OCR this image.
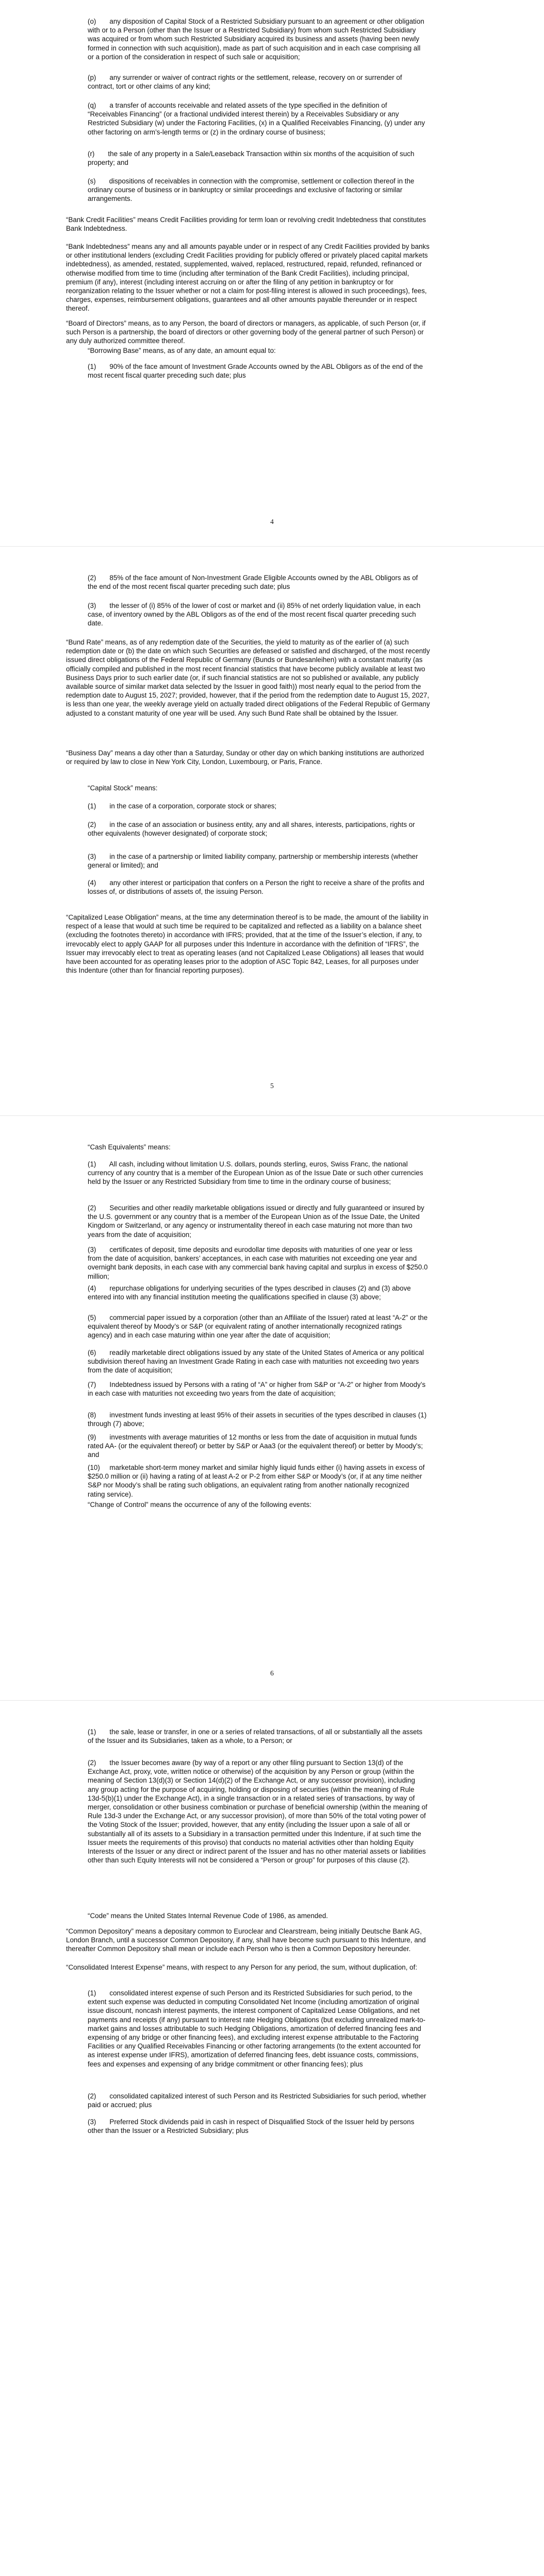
(o)       any disposition of Capital Stock of a Restricted Subsidiary pursuant to an agreement or other obligation with or to a Person (other than the Issuer or a Restricted Subsidiary) from whom such Restricted Subsidiary was acquired or from whom such Restricted Subsidiary acquired its business and assets (having been newly formed in connection with such acquisition), made as part of such acquisition and in each case comprising all or a portion of the consideration in respect of such sale or acquisition;

(p)       any surrender or waiver of contract rights or the settlement, release, recovery on or surrender of contract, tort or other claims of any kind;

(q)       a transfer of accounts receivable and related assets of the type specified in the definition of “Receivables Financing” (or a fractional undivided interest therein) by a Receivables Subsidiary or any Restricted Subsidiary (w) under the Factoring Facilities, (x) in a Qualified Receivables Financing, (y) under any other factoring on arm’s-length terms or (z) in the ordinary course of business;

(r)       the sale of any property in a Sale/Leaseback Transaction within six months of the acquisition of such property; and

(s)       dispositions of receivables in connection with the compromise, settlement or collection thereof in the ordinary course of business or in bankruptcy or similar proceedings and exclusive of factoring or similar arrangements.

“Bank Credit Facilities” means Credit Facilities providing for term loan or revolving credit Indebtedness that constitutes Bank Indebtedness.

“Bank Indebtedness” means any and all amounts payable under or in respect of any Credit Facilities provided by banks or other institutional lenders (excluding Credit Facilities providing for publicly offered or privately placed capital markets indebtedness), as amended, restated, supplemented, waived, replaced, restructured, repaid, refunded, refinanced or otherwise modified from time to time (including after termination of the Bank Credit Facilities), including principal, premium (if any), interest (including interest accruing on or after the filing of any petition in bankruptcy or for reorganization relating to the Issuer whether or not a claim for post-filing interest is allowed in such proceedings), fees, charges, expenses, reimbursement obligations, guarantees and all other amounts payable thereunder or in respect thereof.

“Board of Directors” means, as to any Person, the board of directors or managers, as applicable, of such Person (or, if such Person is a partnership, the board of directors or other governing body of the general partner of such Person) or any duly authorized committee thereof.

“Borrowing Base” means, as of any date, an amount equal to:

(1)       90% of the face amount of Investment Grade Accounts owned by the ABL Obligors as of the end of the most recent fiscal quarter preceding such date; plus

4

(2)       85% of the face amount of Non-Investment Grade Eligible Accounts owned by the ABL Obligors as of the end of the most recent fiscal quarter preceding such date; plus

(3)       the lesser of (i) 85% of the lower of cost or market and (ii) 85% of net orderly liquidation value, in each case, of inventory owned by the ABL Obligors as of the end of the most recent fiscal quarter preceding such date.

“Bund Rate” means, as of any redemption date of the Securities, the yield to maturity as of the earlier of (a) such redemption date or (b) the date on which such Securities are defeased or satisfied and discharged, of the most recently issued direct obligations of the Federal Republic of Germany (Bunds or Bundesanleihen) with a constant maturity (as officially compiled and published in the most recent financial statistics that have become publicly available at least two Business Days prior to such earlier date (or, if such financial statistics are not so published or available, any publicly available source of similar market data selected by the Issuer in good faith)) most nearly equal to the period from the redemption date to August 15, 2027; provided, however, that if the period from the redemption date to August 15, 2027, is less than one year, the weekly average yield on actually traded direct obligations of the Federal Republic of Germany adjusted to a constant maturity of one year will be used. Any such Bund Rate shall be obtained by the Issuer.

“Business Day” means a day other than a Saturday, Sunday or other day on which banking institutions are authorized or required by law to close in New York City, London, Luxembourg, or Paris, France.

“Capital Stock” means:

(1)       in the case of a corporation, corporate stock or shares;

(2)       in the case of an association or business entity, any and all shares, interests, participations, rights or other equivalents (however designated) of corporate stock;

(3)       in the case of a partnership or limited liability company, partnership or membership interests (whether general or limited); and

(4)       any other interest or participation that confers on a Person the right to receive a share of the profits and losses of, or distributions of assets of, the issuing Person.

“Capitalized Lease Obligation” means, at the time any determination thereof is to be made, the amount of the liability in respect of a lease that would at such time be required to be capitalized and reflected as a liability on a balance sheet (excluding the footnotes thereto) in accordance with IFRS; provided, that at the time of the Issuer’s election, if any, to irrevocably elect to apply GAAP for all purposes under this Indenture in accordance with the definition of “IFRS”, the Issuer may irrevocably elect to treat as operating leases (and not Capitalized Lease Obligations) all leases that would have been accounted for as operating leases prior to the adoption of ASC Topic 842, Leases, for all purposes under this Indenture (other than for financial reporting purposes).

5

“Cash Equivalents” means:

(1)       All cash, including without limitation U.S. dollars, pounds sterling, euros, Swiss Franc, the national currency of any country that is a member of the European Union as of the Issue Date or such other currencies held by the Issuer or any Restricted Subsidiary from time to time in the ordinary course of business;

(2)       Securities and other readily marketable obligations issued or directly and fully guaranteed or insured by the U.S. government or any country that is a member of the European Union as of the Issue Date, the United Kingdom or Switzerland, or any agency or instrumentality thereof in each case maturing not more than two years from the date of acquisition;

(3)       certificates of deposit, time deposits and eurodollar time deposits with maturities of one year or less from the date of acquisition, bankers’ acceptances, in each case with maturities not exceeding one year and overnight bank deposits, in each case with any commercial bank having capital and surplus in excess of $250.0 million;

(4)       repurchase obligations for underlying securities of the types described in clauses (2) and (3) above entered into with any financial institution meeting the qualifications specified in clause (3) above;

(5)       commercial paper issued by a corporation (other than an Affiliate of the Issuer) rated at least “A-2” or the equivalent thereof by Moody’s or S&P (or equivalent rating of another internationally recognized ratings agency) and in each case maturing within one year after the date of acquisition;

(6)       readily marketable direct obligations issued by any state of the United States of America or any political subdivision thereof having an Investment Grade Rating in each case with maturities not exceeding two years from the date of acquisition;

(7)       Indebtedness issued by Persons with a rating of “A” or higher from S&P or “A-2” or higher from Moody’s in each case with maturities not exceeding two years from the date of acquisition;

(8)       investment funds investing at least 95% of their assets in securities of the types described in clauses (1) through (7) above;

(9)       investments with average maturities of 12 months or less from the date of acquisition in mutual funds rated AA- (or the equivalent thereof) or better by S&P or Aaa3 (or the equivalent thereof) or better by Moody’s; and

(10)     marketable short-term money market and similar highly liquid funds either (i) having assets in excess of $250.0 million or (ii) having a rating of at least A-2 or P-2 from either S&P or Moody’s (or, if at any time neither S&P nor Moody’s shall be rating such obligations, an equivalent rating from another nationally recognized rating service).

“Change of Control” means the occurrence of any of the following events:

6

(1)       the sale, lease or transfer, in one or a series of related transactions, of all or substantially all the assets of the Issuer and its Subsidiaries, taken as a whole, to a Person; or

(2)       the Issuer becomes aware (by way of a report or any other filing pursuant to Section 13(d) of the Exchange Act, proxy, vote, written notice or otherwise) of the acquisition by any Person or group (within the meaning of Section 13(d)(3) or Section 14(d)(2) of the Exchange Act, or any successor provision), including any group acting for the purpose of acquiring, holding or disposing of securities (within the meaning of Rule 13d-5(b)(1) under the Exchange Act), in a single transaction or in a related series of transactions, by way of merger, consolidation or other business combination or purchase of beneficial ownership (within the meaning of Rule 13d-3 under the Exchange Act, or any successor provision), of more than 50% of the total voting power of the Voting Stock of the Issuer; provided, however, that any entity (including the Issuer upon a sale of all or substantially all of its assets to a Subsidiary in a transaction permitted under this Indenture, if at such time the Issuer meets the requirements of this proviso) that conducts no material activities other than holding Equity Interests of the Issuer or any direct or indirect parent of the Issuer and has no other material assets or liabilities other than such Equity Interests will not be considered a “Person or group” for purposes of this clause (2).

“Code” means the United States Internal Revenue Code of 1986, as amended.

“Common Depository” means a depositary common to Euroclear and Clearstream, being initially Deutsche Bank AG, London Branch, until a successor Common Depository, if any, shall have become such pursuant to this Indenture, and thereafter Common Depository shall mean or include each Person who is then a Common Depository hereunder.

“Consolidated Interest Expense” means, with respect to any Person for any period, the sum, without duplication, of:

(1)       consolidated interest expense of such Person and its Restricted Subsidiaries for such period, to the extent such expense was deducted in computing Consolidated Net Income (including amortization of original issue discount, noncash interest payments, the interest component of Capitalized Lease Obligations, and net payments and receipts (if any) pursuant to interest rate Hedging Obligations (but excluding unrealized mark-to-market gains and losses attributable to such Hedging Obligations, amortization of deferred financing fees and expensing of any bridge or other financing fees), and excluding interest expense attributable to the Factoring Facilities or any Qualified Receivables Financing or other factoring arrangements (to the extent accounted for as interest expense under IFRS), amortization of deferred financing fees, debt issuance costs, commissions, fees and expenses and expensing of any bridge commitment or other financing fees); plus

(2)       consolidated capitalized interest of such Person and its Restricted Subsidiaries for such period, whether paid or accrued; plus

(3)       Preferred Stock dividends paid in cash in respect of Disqualified Stock of the Issuer held by persons other than the Issuer or a Restricted Subsidiary; plus
